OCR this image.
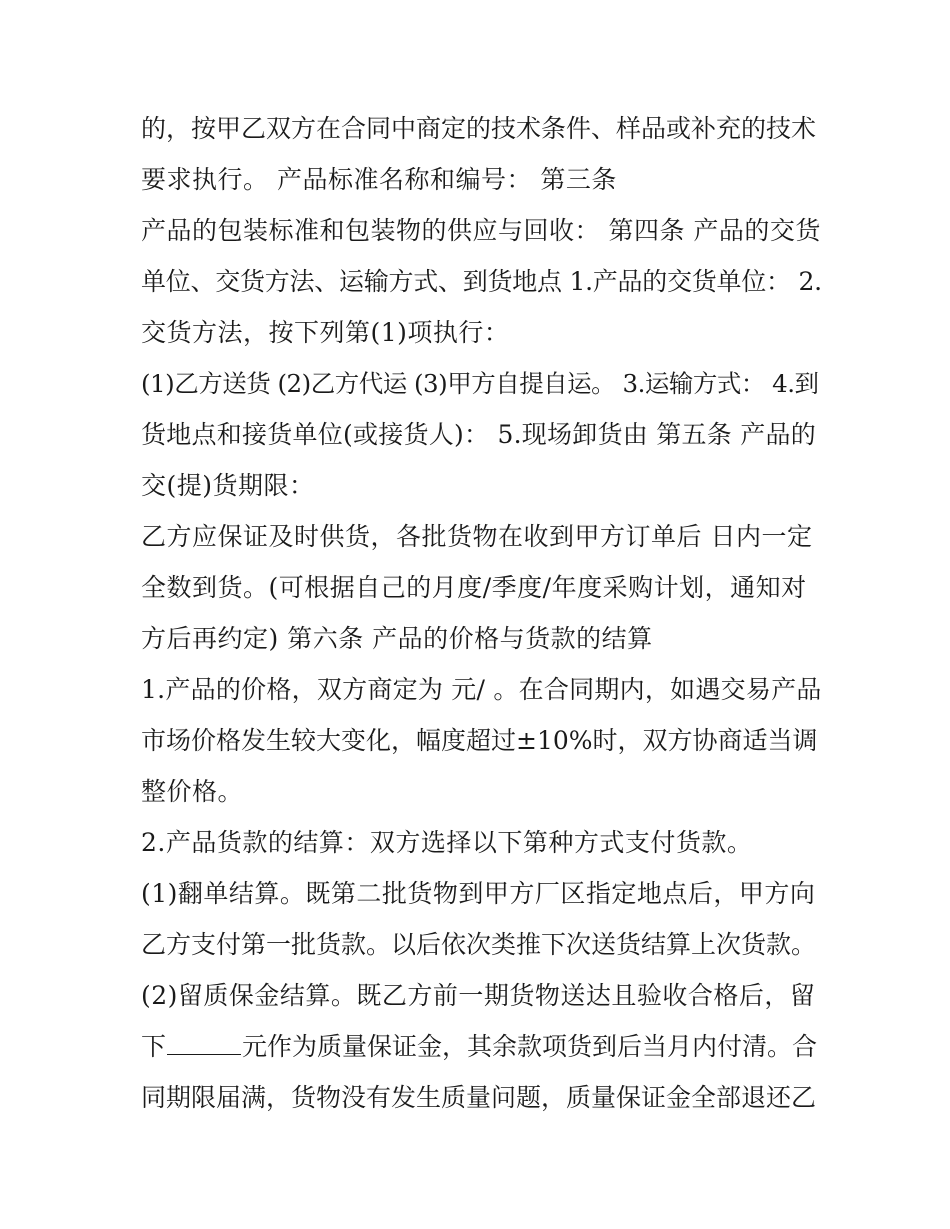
的，按甲乙双方在合同中商定的技术条件、样品或补充的技术
要求执行。 产品标准名称和编号： 第三条
产品的包装标准和包装物的供应与回收： 第四条 产品的交货
单位、交货方法、运输方式、到货地点 1.产品的交货单位： 2.
交货方法，按下列第(1)项执行：
(1)乙方送货 (2)乙方代运 (3)甲方自提自运。 3.运输方式： 4.到
货地点和接货单位(或接货人)： 5.现场卸货由 第五条 产品的
交(提)货期限：
乙方应保证及时供货，各批货物在收到甲方订单后 日内一定
全数到货。(可根据自己的月度/季度/年度采购计划，通知对
方后再约定) 第六条 产品的价格与货款的结算
1.产品的价格，双方商定为 元/ 。在合同期内，如遇交易产品
市场价格发生较大变化，幅度超过±10%时，双方协商适当调
整价格。
2.产品货款的结算：双方选择以下第种方式支付货款。
(1)翻单结算。既第二批货物到甲方厂区指定地点后，甲方向
乙方支付第一批货款。以后依次类推下次送货结算上次货款。
(2)留质保金结算。既乙方前一期货物送达且验收合格后，留
下	元作为质量保证金，其余款项货到后当月内付清。合
同期限届满，货物没有发生质量问题，质量保证金全部退还乙
